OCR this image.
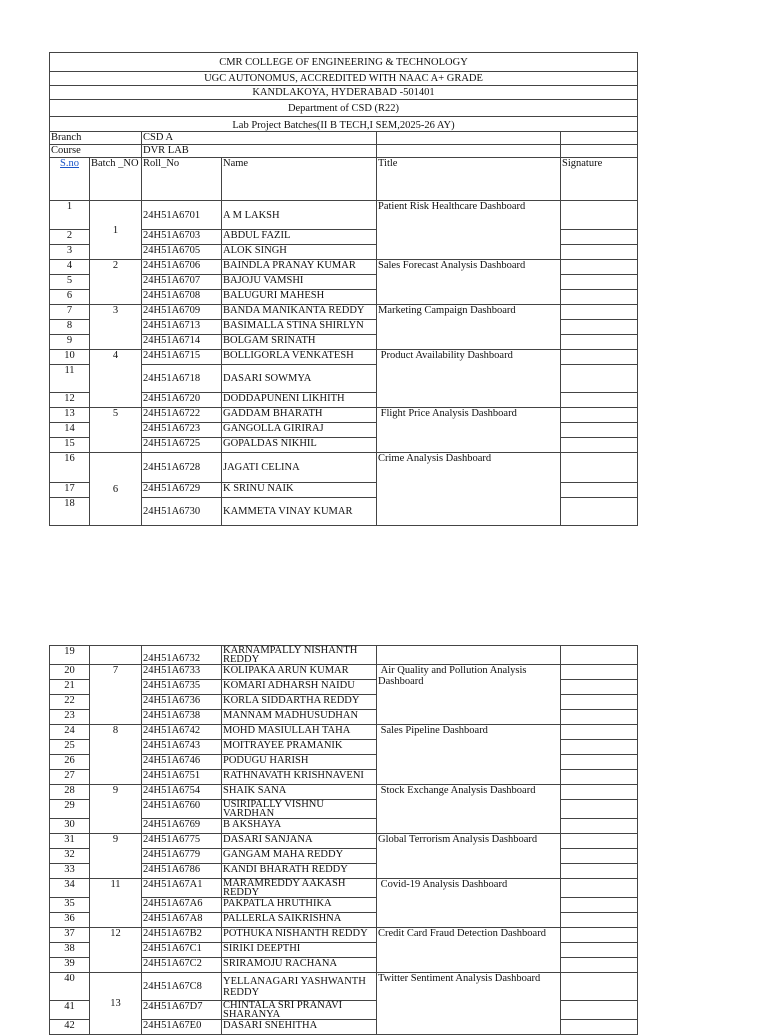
CMR COLLEGE OF ENGINEERING & TECHNOLOGY
UGC AUTONOMUS, ACCREDITED WITH NAAC A+ GRADE
KANDLAKOYA, HYDERABAD -501401
Department of CSD (R22)
Lab Project Batches(II B TECH,I SEM,2025-26 AY)
Branch		CSD A			
Course		DVR LAB			
S.no	Batch _NO	Roll_No	Name	Title	Signature
1	1	24H51A6701	A M LAKSH	Patient Risk Healthcare Dashboard	
2		24H51A6703	ABDUL FAZIL		
3		24H51A6705	ALOK SINGH		
4	2	24H51A6706	BAINDLA PRANAY KUMAR	Sales Forecast Analysis Dashboard	
5		24H51A6707	BAJOJU VAMSHI		
6		24H51A6708	BALUGURI MAHESH		
7	3	24H51A6709	BANDA MANIKANTA REDDY	Marketing Campaign Dashboard	
8		24H51A6713	BASIMALLA STINA SHIRLYN		
9		24H51A6714	BOLGAM SRINATH		
10	4	24H51A6715	BOLLIGORLA VENKATESH	Product Availability Dashboard	
11		24H51A6718	DASARI SOWMYA		
12		24H51A6720	DODDAPUNENI LIKHITH		
13	5	24H51A6722	GADDAM BHARATH	Flight Price Analysis Dashboard	
14		24H51A6723	GANGOLLA GIRIRAJ		
15		24H51A6725	GOPALDAS NIKHIL		
16	6	24H51A6728	JAGATI CELINA	Crime Analysis Dashboard	
17		24H51A6729	K SRINU NAIK		
18		24H51A6730	KAMMETA VINAY KUMAR		
19		24H51A6732	KARNAMPALLY NISHANTH REDDY		
20	7	24H51A6733	KOLIPAKA ARUN KUMAR	Air Quality and Pollution Analysis Dashboard	
21		24H51A6735	KOMARI ADHARSH NAIDU		
22		24H51A6736	KORLA SIDDARTHA REDDY		
23		24H51A6738	MANNAM MADHUSUDHAN		
24	8	24H51A6742	MOHD MASIULLAH TAHA	Sales Pipeline Dashboard	
25		24H51A6743	MOITRAYEE PRAMANIK		
26		24H51A6746	PODUGU HARISH		
27		24H51A6751	RATHNAVATH KRISHNAVENI		
28	9	24H51A6754	SHAIK SANA	Stock Exchange Analysis Dashboard	
29		24H51A6760	USIRIPALLY VISHNU VARDHAN		
30		24H51A6769	B AKSHAYA		
31	9	24H51A6775	DASARI SANJANA	Global Terrorism Analysis Dashboard	
32		24H51A6779	GANGAM MAHA REDDY		
33		24H51A6786	KANDI BHARATH REDDY		
34	11	24H51A67A1	MARAMREDDY AAKASH REDDY	Covid-19 Analysis Dashboard	
35		24H51A67A6	PAKPATLA HRUTHIKA		
36		24H51A67A8	PALLERLA SAIKRISHNA		
37	12	24H51A67B2	POTHUKA NISHANTH REDDY	Credit Card Fraud Detection Dashboard	
38		24H51A67C1	SIRIKI DEEPTHI		
39		24H51A67C2	SRIRAMOJU RACHANA		
40	13	24H51A67C8	YELLANAGARI YASHWANTH REDDY	Twitter Sentiment Analysis Dashboard	
41		24H51A67D7	CHINTALA SRI PRANAVI SHARANYA		
42		24H51A67E0	DASARI SNEHITHA		
